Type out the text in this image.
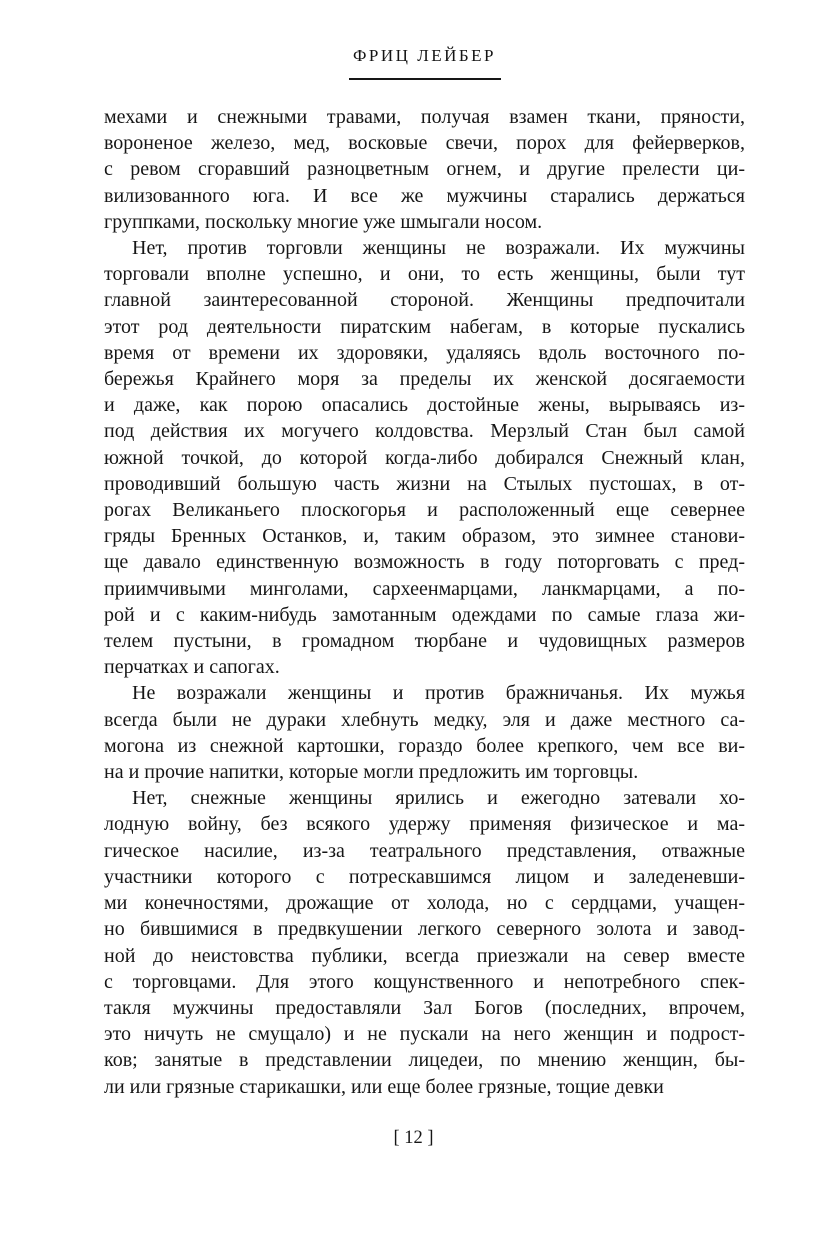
ФРИЦ ЛЕЙБЕР
мехами и снежными травами, получая взамен ткани, пряности,
вороненое железо, мед, восковые свечи, порох для фейерверков,
с ревом сгоравший разноцветным огнем, и другие прелести ци-
вилизованного юга. И все же мужчины старались держаться
группками, поскольку многие уже шмыгали носом.
Нет, против торговли женщины не возражали. Их мужчины
торговали вполне успешно, и они, то есть женщины, были тут
главной заинтересованной стороной. Женщины предпочитали
этот род деятельности пиратским набегам, в которые пускались
время от времени их здоровяки, удаляясь вдоль восточного по-
бережья Крайнего моря за пределы их женской досягаемости
и даже, как порою опасались достойные жены, вырываясь из-
под действия их могучего колдовства. Мерзлый Стан был самой
южной точкой, до которой когда-либо добирался Снежный клан,
проводивший большую часть жизни на Стылых пустошах, в от-
рогах Великаньего плоскогорья и расположенный еще севернее
гряды Бренных Останков, и, таким образом, это зимнее станови-
ще давало единственную возможность в году поторговать с пред-
приимчивыми минголами, сархеенмарцами, ланкмарцами, а по-
рой и с каким-нибудь замотанным одеждами по самые глаза жи-
телем пустыни, в громадном тюрбане и чудовищных размеров
перчатках и сапогах.
Не возражали женщины и против бражничанья. Их мужья
всегда были не дураки хлебнуть медку, эля и даже местного са-
могона из снежной картошки, гораздо более крепкого, чем все ви-
на и прочие напитки, которые могли предложить им торговцы.
Нет, снежные женщины ярились и ежегодно затевали хо-
лодную войну, без всякого удержу применяя физическое и ма-
гическое насилие, из-за театрального представления, отважные
участники которого с потрескавшимся лицом и заледеневши-
ми конечностями, дрожащие от холода, но с сердцами, учащен-
но бившимися в предвкушении легкого северного золота и завод-
ной до неистовства публики, всегда приезжали на север вместе
с торговцами. Для этого кощунственного и непотребного спек-
такля мужчины предоставляли Зал Богов (последних, впрочем,
это ничуть не смущало) и не пускали на него женщин и подрост-
ков; занятые в представлении лицедеи, по мнению женщин, бы-
ли или грязные старикашки, или еще более грязные, тощие девки
[ 12 ]
